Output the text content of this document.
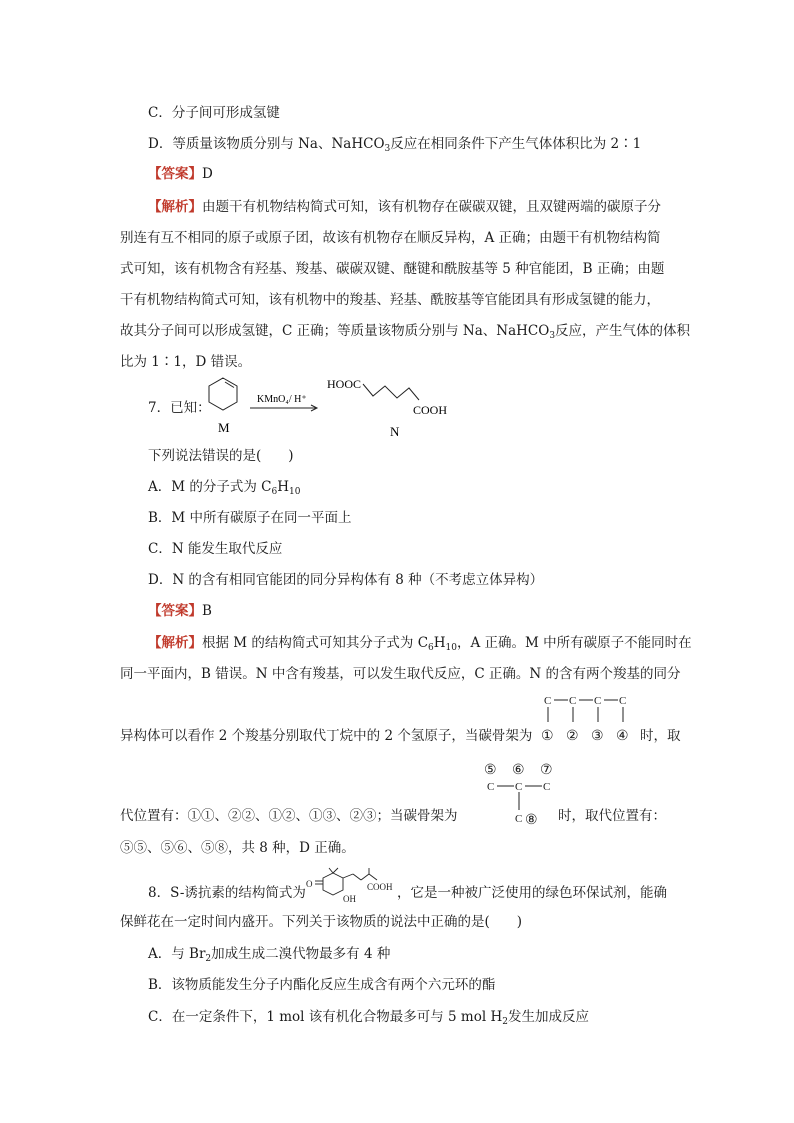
C．分子间可形成氢键
D．等质量该物质分别与 Na、NaHCO$_3$反应在相同条件下产生气体体积比为 2∶1
【答案】D
【解析】由题干有机物结构简式可知，该有机物存在碳碳双键，且双键两端的碳原子分
别连有互不相同的原子或原子团，故该有机物存在顺反异构，A 正确；由题干有机物结构简
式可知，该有机物含有羟基、羧基、碳碳双键、醚键和酰胺基等 5 种官能团，B 正确；由题
干有机物结构简式可知，该有机物中的羧基、羟基、酰胺基等官能团具有形成氢键的能力，
故其分子间可以形成氢键，C 正确；等质量该物质分别与 Na、NaHCO$_3$反应，产生气体的体积
比为 1∶1，D 错误。
7．已知：
M
KMnO₄/ H⁺
HOOC
COOH
N
下列说法错误的是(　　)
A．M 的分子式为 $C_6H_{10}$
B．M 中所有碳原子在同一平面上
C．N 能发生取代反应
D．N 的含有相同官能团的同分异构体有 8 种（不考虑立体异构）
【答案】B
【解析】根据 M 的结构简式可知其分子式为 $C_6H_{10}$，A 正确。M 中所有碳原子不能同时在
同一平面内，B 错误。N 中含有羧基，可以发生取代反应，C 正确。N 的含有两个羧基的同分
C C C C
① ② ③ ④
异构体可以看作 2 个羧基分别取代丁烷中的 2 个氢原子，当碳骨架为	时，取
⑤ ⑥ ⑦
C C C
C ⑧
代位置有：①①、②②、①②、①③、②③；当碳骨架为	时，取代位置有：
⑤⑤、⑤⑥、⑤⑧，共 8 种，D 正确。
8．S-诱抗素的结构简式为
O
OH
COOH ，它是一种被广泛使用的绿色环保试剂，能确
保鲜花在一定时间内盛开。下列关于该物质的说法中正确的是(　　)
A．与 $Br_2$加成生成二溴代物最多有 4 种
B．该物质能发生分子内酯化反应生成含有两个六元环的酯
C．在一定条件下，1 mol 该有机化合物最多可与 5 mol $H_2$发生加成反应
